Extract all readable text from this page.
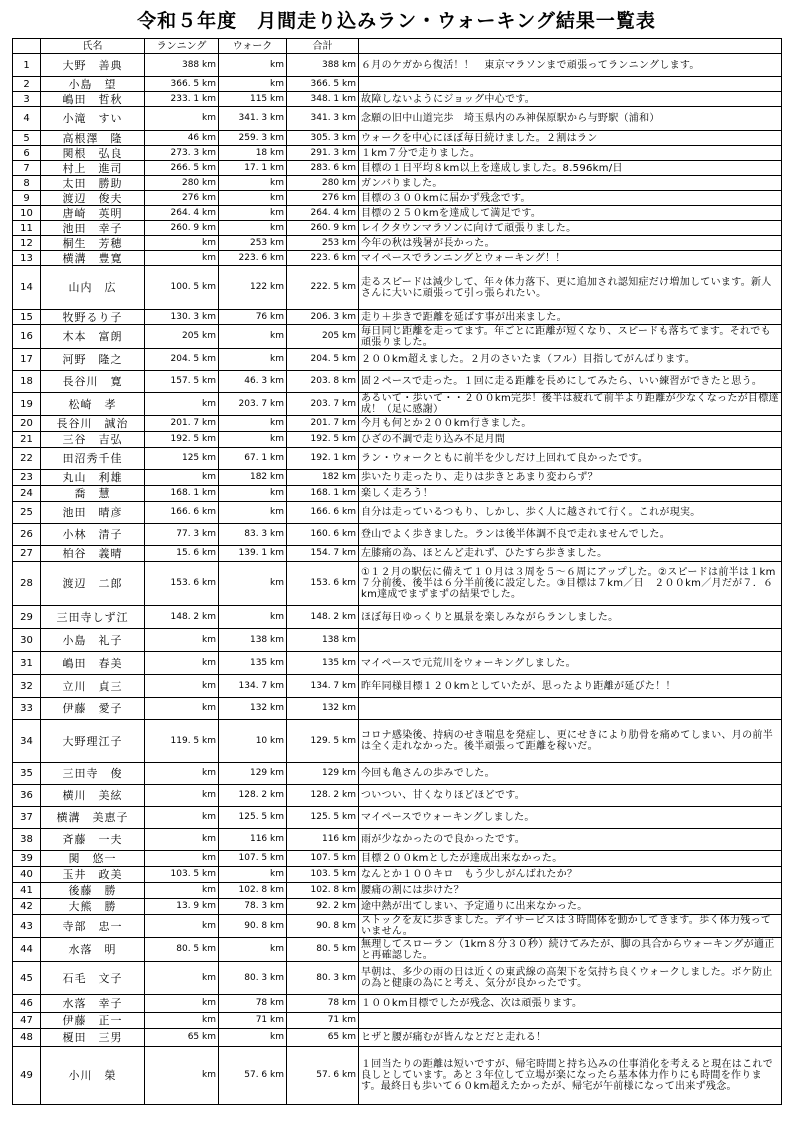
令和５年度　月間走り込みラン・ウォーキング結果一覧表
	氏名	ランニング	ウォーク	合計	
1	大野　善典	388 km	km	388 km	６月のケガから復活！！　東京マラソンまで頑張ってランニングします。
2	小島　望	366. 5 km	km	366. 5 km	
3	嶋田　哲秋	233. 1 km	115 km	348. 1 km	故障しないようにジョッグ中心です。
4	小滝　すい	km	341. 3 km	341. 3 km	念願の旧中山道完歩　埼玉県内のみ神保原駅から与野駅（浦和）
5	高根澤　隆	46 km	259. 3 km	305. 3 km	ウォークを中心にほぼ毎日続けました。２割はラン
6	関根　弘良	273. 3 km	18 km	291. 3 km	１km７分で走りました。
7	村上　進司	266. 5 km	17. 1 km	283. 6 km	目標の１日平均８km以上を達成しました。8.596km/日
8	太田　勝助	280 km	km	280 km	ガンバりました。
9	渡辺　俊夫	276 km	km	276 km	目標の３００kmに届かず残念です。
10	唐崎　英明	264. 4 km	km	264. 4 km	目標の２５０kmを達成して満足です。
11	池田　幸子	260. 9 km	km	260. 9 km	レイクタウンマラソンに向けて頑張りました。
12	桐生　芳穂	km	253 km	253 km	今年の秋は残暑が長かった。
13	横溝　豊寛	km	223. 6 km	223. 6 km	マイペースでランニングとウォーキング！！
14	山内　広	100. 5 km	122 km	222. 5 km	走るスピードは減少して、年々体力落下、更に追加され認知症だけ増加しています。新人さんに大いに頑張って引っ張られたい。
15	牧野るり子	130. 3 km	76 km	206. 3 km	走り＋歩きで距離を延ばす事が出来ました。
16	木本　富朗	205 km	km	205 km	毎日同じ距離を走ってます。年ごとに距離が短くなり、スピードも落ちてます。それでも頑張りました。
17	河野　隆之	204. 5 km	km	204. 5 km	２００km超えました。２月のさいたま（フル）目指してがんばります。
18	長谷川　寛	157. 5 km	46. 3 km	203. 8 km	固２ペースで走った。１回に走る距離を長めにしてみたら、いい練習ができたと思う。
19	松崎　孝	km	203. 7 km	203. 7 km	あるいて・歩いて・・２００km完歩！後半は疲れて前半より距離が少なくなったが目標達成！（足に感謝）
20	長谷川　誠治	201. 7 km	km	201. 7 km	今月も何とか２００km行きました。
21	三谷　吉弘	192. 5 km	km	192. 5 km	ひざの不調で走り込み不足月間
22	田沼秀千佳	125 km	67. 1 km	192. 1 km	ラン・ウォークともに前半を少しだけ上回れて良かったです。
23	丸山　利雄	km	182 km	182 km	歩いたり走ったり、走りは歩きとあまり変わらず？
24	喬　慧	168. 1 km	km	168. 1 km	楽しく走ろう！
25	池田　晴彦	166. 6 km	km	166. 6 km	自分は走っているつもり、しかし、歩く人に越されて行く。これが現実。
26	小林　清子	77. 3 km	83. 3 km	160. 6 km	登山でよく歩きました。ランは後半体調不良で走れませんでした。
27	柏谷　義晴	15. 6 km	139. 1 km	154. 7 km	左膝痛の為、ほとんど走れず、ひたすら歩きました。
28	渡辺　二郎	153. 6 km	km	153. 6 km	①１２月の駅伝に備えて１０月は３周を５～６周にアップした。②スピードは前半は１km７分前後、後半は６分半前後に設定した。③目標は７km／日　２００km／月だが７．６km達成でまずまずの結果でした。
29	三田寺しず江	148. 2 km	km	148. 2 km	ほぼ毎日ゆっくりと風景を楽しみながらランしました。
30	小島　礼子	km	138 km	138 km	
31	嶋田　春美	km	135 km	135 km	マイペースで元荒川をウォーキングしました。
32	立川　貞三	km	134. 7 km	134. 7 km	昨年同様目標１２０kmとしていたが、思ったより距離が延びた！！
33	伊藤　愛子	km	132 km	132 km	
34	大野理江子	119. 5 km	10 km	129. 5 km	コロナ感染後、持病のせき喘息を発症し、更にせきにより肋骨を痛めてしまい、月の前半は全く走れなかった。後半頑張って距離を稼いだ。
35	三田寺　俊	km	129 km	129 km	今回も亀さんの歩みでした。
36	横川　美絃	km	128. 2 km	128. 2 km	ついつい、甘くなりほどほどです。
37	横溝　美恵子	km	125. 5 km	125. 5 km	マイペースでウォーキングしました。
38	斉藤　一夫	km	116 km	116 km	雨が少なかったので良かったです。
39	関　悠一	km	107. 5 km	107. 5 km	目標２００kmとしたが達成出来なかった。
40	玉井　政美	103. 5 km	km	103. 5 km	なんとか１００キロ　もう少しがんばれたか？
41	後藤　勝	km	102. 8 km	102. 8 km	腰痛の割には歩けた？
42	大熊　勝	13. 9 km	78. 3 km	92. 2 km	途中熱が出てしまい、予定通りに出来なかった。
43	寺部　忠一	km	90. 8 km	90. 8 km	ストックを友に歩きました。デイサービスは３時間体を動かしてきます。歩く体力残っていません。
44	水落　明	80. 5 km	km	80. 5 km	無理してスローラン（1km８分３０秒）続けてみたが、脚の具合からウォーキングが適正と再確認した。
45	石毛　文子	km	80. 3 km	80. 3 km	早朝は、多少の雨の日は近くの東武線の高架下を気持ち良くウォークしました。ボケ防止の為と健康の為にと考え、気分が良かったです。
46	水落　幸子	km	78 km	78 km	１００km目標でしたが残念、次は頑張ります。
47	伊藤　正一	km	71 km	71 km	
48	榎田　三男	65 km	km	65 km	ヒザと腰が痛むが皆んなとだと走れる！
49	小川　榮	km	57. 6 km	57. 6 km	１回当たりの距離は短いですが、帰宅時間と持ち込みの仕事消化を考えると現在はこれで良しとしています。あと３年位して立場が楽になったら基本体力作りにも時間を作ります。最終日も歩いて６０km超えたかったが、帰宅が午前様になって出来ず残念。
